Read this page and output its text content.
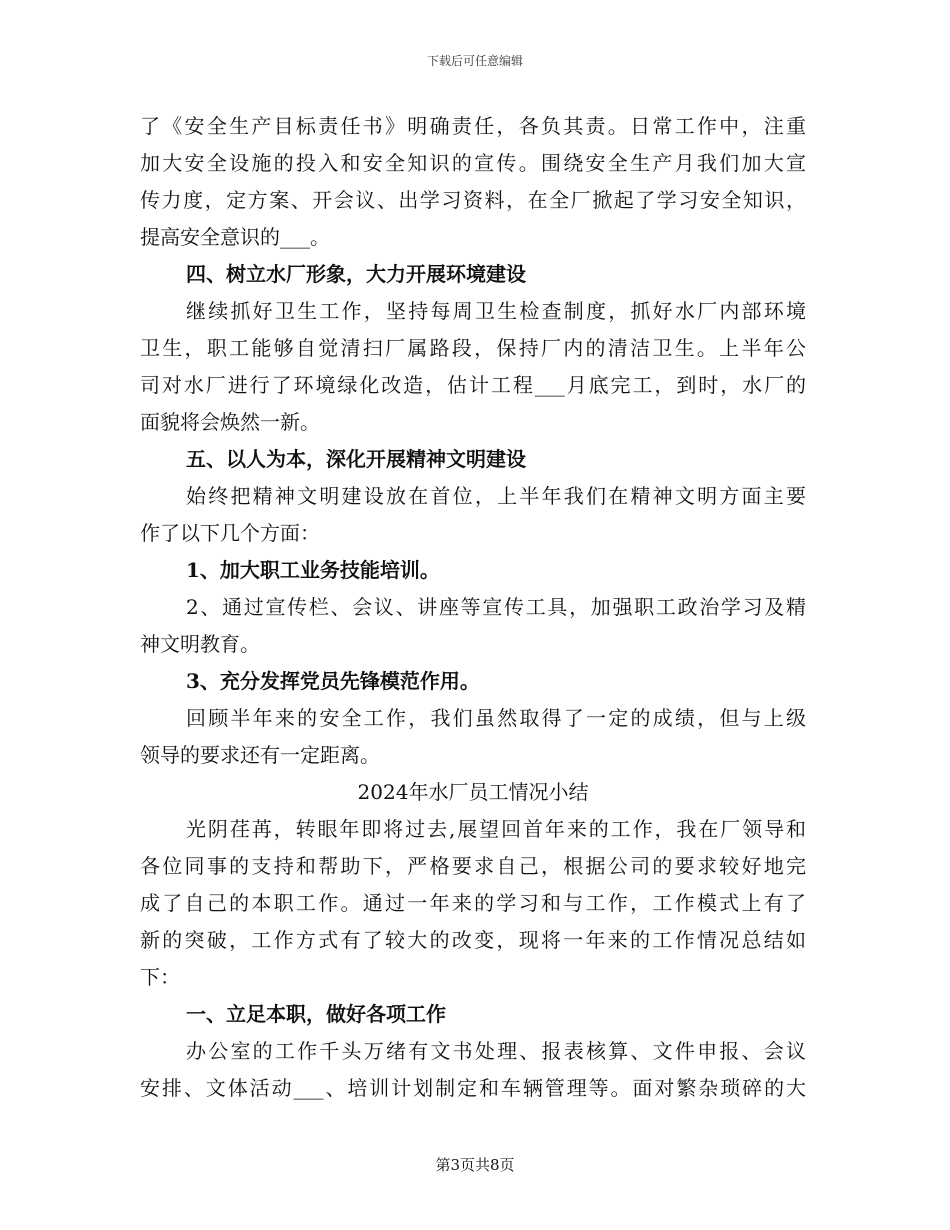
下载后可任意编辑
了《安全生产目标责任书》明确责任，各负其责。日常工作中，注重
加大安全设施的投入和安全知识的宣传。围绕安全生产月我们加大宣
传力度，定方案、开会议、出学习资料，在全厂掀起了学习安全知识，
提高安全意识的___。
四、树立水厂形象，大力开展环境建设
继续抓好卫生工作，坚持每周卫生检查制度，抓好水厂内部环境
卫生，职工能够自觉清扫厂属路段，保持厂内的清洁卫生。上半年公
司对水厂进行了环境绿化改造，估计工程___月底完工，到时，水厂的
面貌将会焕然一新。
五、以人为本，深化开展精神文明建设
始终把精神文明建设放在首位，上半年我们在精神文明方面主要
作了以下几个方面：
1、加大职工业务技能培训。
2、通过宣传栏、会议、讲座等宣传工具，加强职工政治学习及精
神文明教育。
3、充分发挥党员先锋模范作用。
回顾半年来的安全工作，我们虽然取得了一定的成绩，但与上级
领导的要求还有一定距离。
2024年水厂员工情况小结
光阴荏苒，转眼年即将过去,展望回首年来的工作，我在厂领导和
各位同事的支持和帮助下，严格要求自己，根据公司的要求较好地完
成了自己的本职工作。通过一年来的学习和与工作，工作模式上有了
新的突破，工作方式有了较大的改变，现将一年来的工作情况总结如
下：
一、立足本职，做好各项工作
办公室的工作千头万绪有文书处理、报表核算、文件申报、会议
安排、文体活动___、培训计划制定和车辆管理等。面对繁杂琐碎的大
第3页共8页
